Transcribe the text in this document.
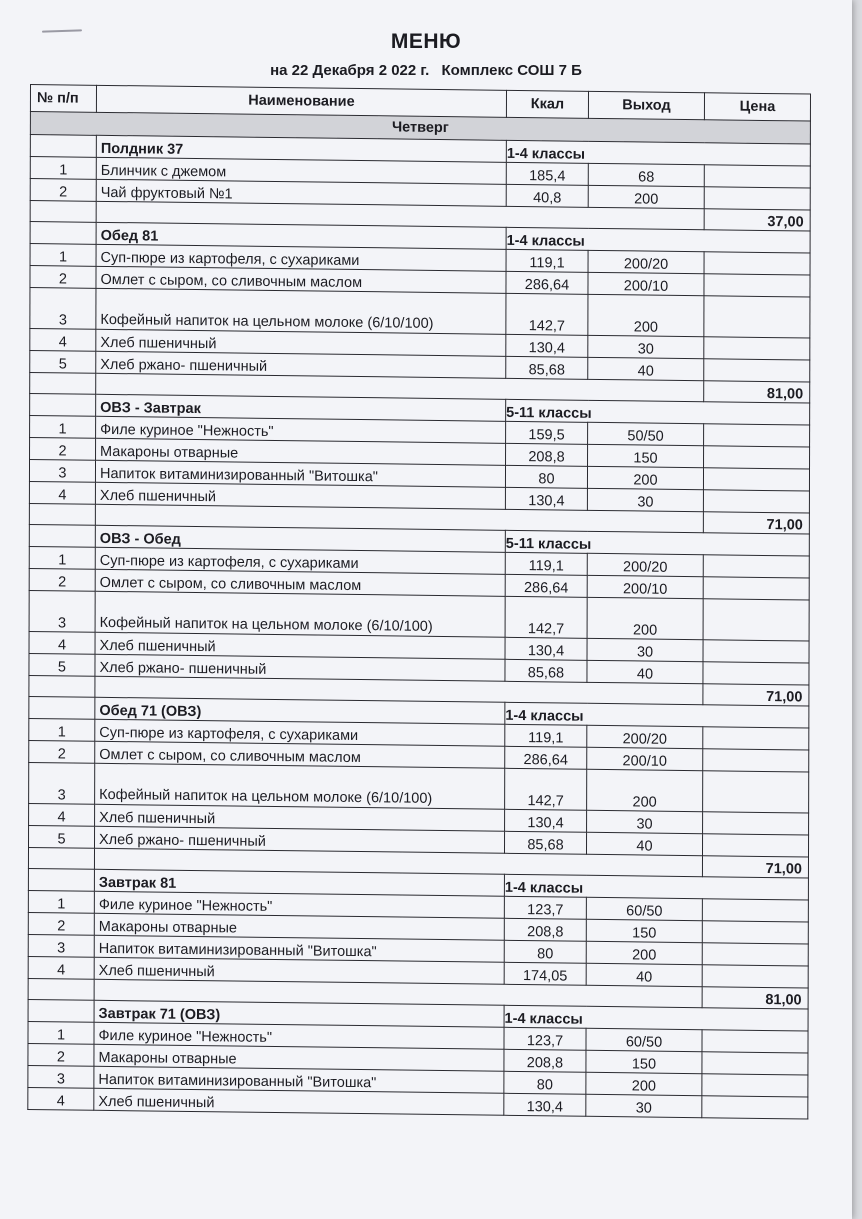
МЕНЮ
на 22 Декабря 2 022 г. Комплекс СОШ 7 Б
№ п/п	Наименование	Ккал	Выход	Цена
Четверг				
	Полдник 37	1-4 классы		
1	Блинчик с джемом	185,4	68	
2	Чай фруктовый №1	40,8	200	
				37,00
	Обед 81	1-4 классы		
1	Суп-пюре из картофеля, с сухариками	119,1	200/20	
2	Омлет с сыром, со сливочным маслом	286,64	200/10	
3	Кофейный напиток на цельном молоке (6/10/100)	142,7	200	
4	Хлеб пшеничный	130,4	30	
5	Хлеб ржано- пшеничный	85,68	40	
				81,00
	ОВЗ - Завтрак	5-11 классы		
1	Филе куриное "Нежность"	159,5	50/50	
2	Макароны отварные	208,8	150	
3	Напиток витаминизированный "Витошка"	80	200	
4	Хлеб пшеничный	130,4	30	
				71,00
	ОВЗ - Обед	5-11 классы		
1	Суп-пюре из картофеля, с сухариками	119,1	200/20	
2	Омлет с сыром, со сливочным маслом	286,64	200/10	
3	Кофейный напиток на цельном молоке (6/10/100)	142,7	200	
4	Хлеб пшеничный	130,4	30	
5	Хлеб ржано- пшеничный	85,68	40	
				71,00
	Обед 71 (ОВЗ)	1-4 классы		
1	Суп-пюре из картофеля, с сухариками	119,1	200/20	
2	Омлет с сыром, со сливочным маслом	286,64	200/10	
3	Кофейный напиток на цельном молоке (6/10/100)	142,7	200	
4	Хлеб пшеничный	130,4	30	
5	Хлеб ржано- пшеничный	85,68	40	
				71,00
	Завтрак 81	1-4 классы		
1	Филе куриное "Нежность"	123,7	60/50	
2	Макароны отварные	208,8	150	
3	Напиток витаминизированный "Витошка"	80	200	
4	Хлеб пшеничный	174,05	40	
				81,00
	Завтрак 71 (ОВЗ)	1-4 классы		
1	Филе куриное "Нежность"	123,7	60/50	
2	Макароны отварные	208,8	150	
3	Напиток витаминизированный "Витошка"	80	200	
4	Хлеб пшеничный	130,4	30	
